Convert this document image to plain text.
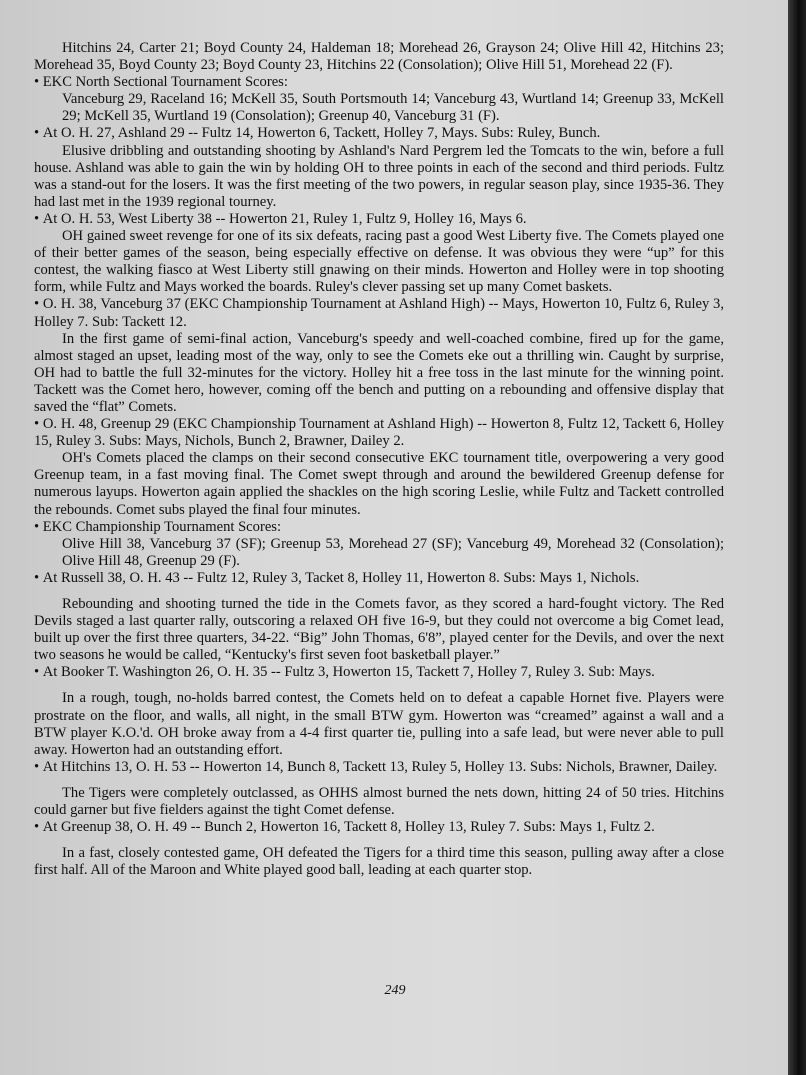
Hitchins 24, Carter 21; Boyd County 24, Haldeman 18; Morehead 26, Grayson 24; Olive Hill 42, Hitchins 23; Morehead 35, Boyd County 23; Boyd County 23, Hitchins 22 (Consolation); Olive Hill 51, Morehead 22 (F).

• EKC North Sectional Tournament Scores:

Vanceburg 29, Raceland 16; McKell 35, South Portsmouth 14; Vanceburg 43, Wurtland 14; Greenup 33, McKell 29; McKell 35, Wurtland 19 (Consolation); Greenup 40, Vanceburg 31 (F).

• At O. H. 27, Ashland 29 -- Fultz 14, Howerton 6, Tackett, Holley 7, Mays. Subs: Ruley, Bunch.

Elusive dribbling and outstanding shooting by Ashland's Nard Pergrem led the Tomcats to the win, before a full house. Ashland was able to gain the win by holding OH to three points in each of the second and third periods. Fultz was a stand-out for the losers. It was the first meeting of the two powers, in regular season play, since 1935-36. They had last met in the 1939 regional tourney.

• At O. H. 53, West Liberty 38 -- Howerton 21, Ruley 1, Fultz 9, Holley 16, Mays 6.

OH gained sweet revenge for one of its six defeats, racing past a good West Liberty five. The Comets played one of their better games of the season, being especially effective on defense. It was obvious they were “up” for this contest, the walking fiasco at West Liberty still gnawing on their minds. Howerton and Holley were in top shooting form, while Fultz and Mays worked the boards. Ruley's clever passing set up many Comet baskets.

• O. H. 38, Vanceburg 37 (EKC Championship Tournament at Ashland High) -- Mays, Howerton 10, Fultz 6, Ruley 3, Holley 7. Sub: Tackett 12.

In the first game of semi-final action, Vanceburg's speedy and well-coached combine, fired up for the game, almost staged an upset, leading most of the way, only to see the Comets eke out a thrilling win. Caught by surprise, OH had to battle the full 32-minutes for the victory. Holley hit a free toss in the last minute for the winning point. Tackett was the Comet hero, however, coming off the bench and putting on a rebounding and offensive display that saved the “flat” Comets.

• O. H. 48, Greenup 29 (EKC Championship Tournament at Ashland High) -- Howerton 8, Fultz 12, Tackett 6, Holley 15, Ruley 3. Subs: Mays, Nichols, Bunch 2, Brawner, Dailey 2.

OH's Comets placed the clamps on their second consecutive EKC tournament title, overpowering a very good Greenup team, in a fast moving final. The Comet swept through and around the bewildered Greenup defense for numerous layups. Howerton again applied the shackles on the high scoring Leslie, while Fultz and Tackett controlled the rebounds. Comet subs played the final four minutes.

• EKC Championship Tournament Scores:

Olive Hill 38, Vanceburg 37 (SF); Greenup 53, Morehead 27 (SF); Vanceburg 49, Morehead 32 (Consolation); Olive Hill 48, Greenup 29 (F).

• At Russell 38, O. H. 43 -- Fultz 12, Ruley 3, Tacket 8, Holley 11, Howerton 8. Subs: Mays 1, Nichols.

Rebounding and shooting turned the tide in the Comets favor, as they scored a hard-fought victory. The Red Devils staged a last quarter rally, outscoring a relaxed OH five 16-9, but they could not overcome a big Comet lead, built up over the first three quarters, 34-22. “Big” John Thomas, 6'8”, played center for the Devils, and over the next two seasons he would be called, “Kentucky's first seven foot basketball player.”

• At Booker T. Washington 26, O. H. 35 -- Fultz 3, Howerton 15, Tackett 7, Holley 7, Ruley 3. Sub: Mays.

In a rough, tough, no-holds barred contest, the Comets held on to defeat a capable Hornet five. Players were prostrate on the floor, and walls, all night, in the small BTW gym. Howerton was “creamed” against a wall and a BTW player K.O.'d. OH broke away from a 4-4 first quarter tie, pulling into a safe lead, but were never able to pull away. Howerton had an outstanding effort.

• At Hitchins 13, O. H. 53 -- Howerton 14, Bunch 8, Tackett 13, Ruley 5, Holley 13. Subs: Nichols, Brawner, Dailey.

The Tigers were completely outclassed, as OHHS almost burned the nets down, hitting 24 of 50 tries. Hitchins could garner but five fielders against the tight Comet defense.

• At Greenup 38, O. H. 49 -- Bunch 2, Howerton 16, Tackett 8, Holley 13, Ruley 7. Subs: Mays 1, Fultz 2.

In a fast, closely contested game, OH defeated the Tigers for a third time this season, pulling away after a close first half. All of the Maroon and White played good ball, leading at each quarter stop.

249
